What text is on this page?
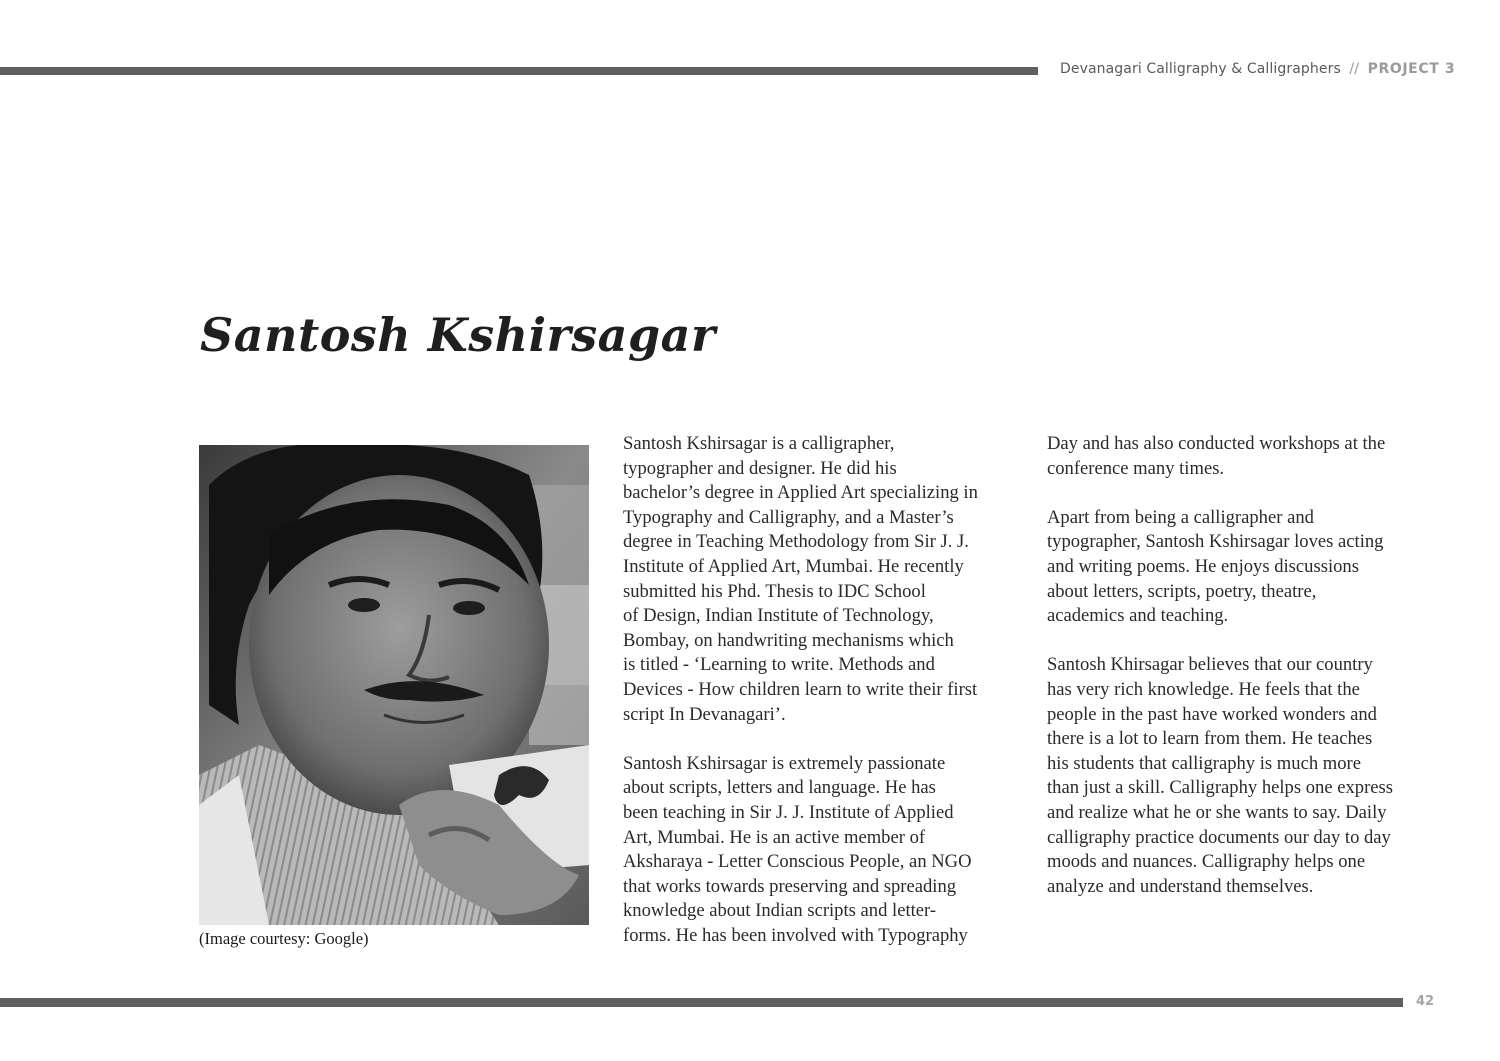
Devanagari Calligraphy & Calligraphers // PROJECT 3
Santosh Kshirsagar
(Image courtesy: Google)
Santosh Kshirsagar is a calligrapher,
typographer and designer. He did his
bachelor’s degree in Applied Art specializing in
Typography and Calligraphy, and a Master’s
degree in Teaching Methodology from Sir J. J.
Institute of Applied Art, Mumbai. He recently
submitted his Phd. Thesis to IDC School
of Design, Indian Institute of Technology,
Bombay, on handwriting mechanisms which
is titled - ‘Learning to write. Methods and
Devices - How children learn to write their first
script In Devanagari’.
Santosh Kshirsagar is extremely passionate
about scripts, letters and language. He has
been teaching in Sir J. J. Institute of Applied
Art, Mumbai. He is an active member of
Aksharaya - Letter Conscious People, an NGO
that works towards preserving and spreading
knowledge about Indian scripts and letter-
forms. He has been involved with Typography
Day and has also conducted workshops at the
conference many times.
Apart from being a calligrapher and
typographer, Santosh Kshirsagar loves acting
and writing poems. He enjoys discussions
about letters, scripts, poetry, theatre,
academics and teaching.
Santosh Khirsagar believes that our country
has very rich knowledge. He feels that the
people in the past have worked wonders and
there is a lot to learn from them. He teaches
his students that calligraphy is much more
than just a skill. Calligraphy helps one express
and realize what he or she wants to say. Daily
calligraphy practice documents our day to day
moods and nuances. Calligraphy helps one
analyze and understand themselves.
42
